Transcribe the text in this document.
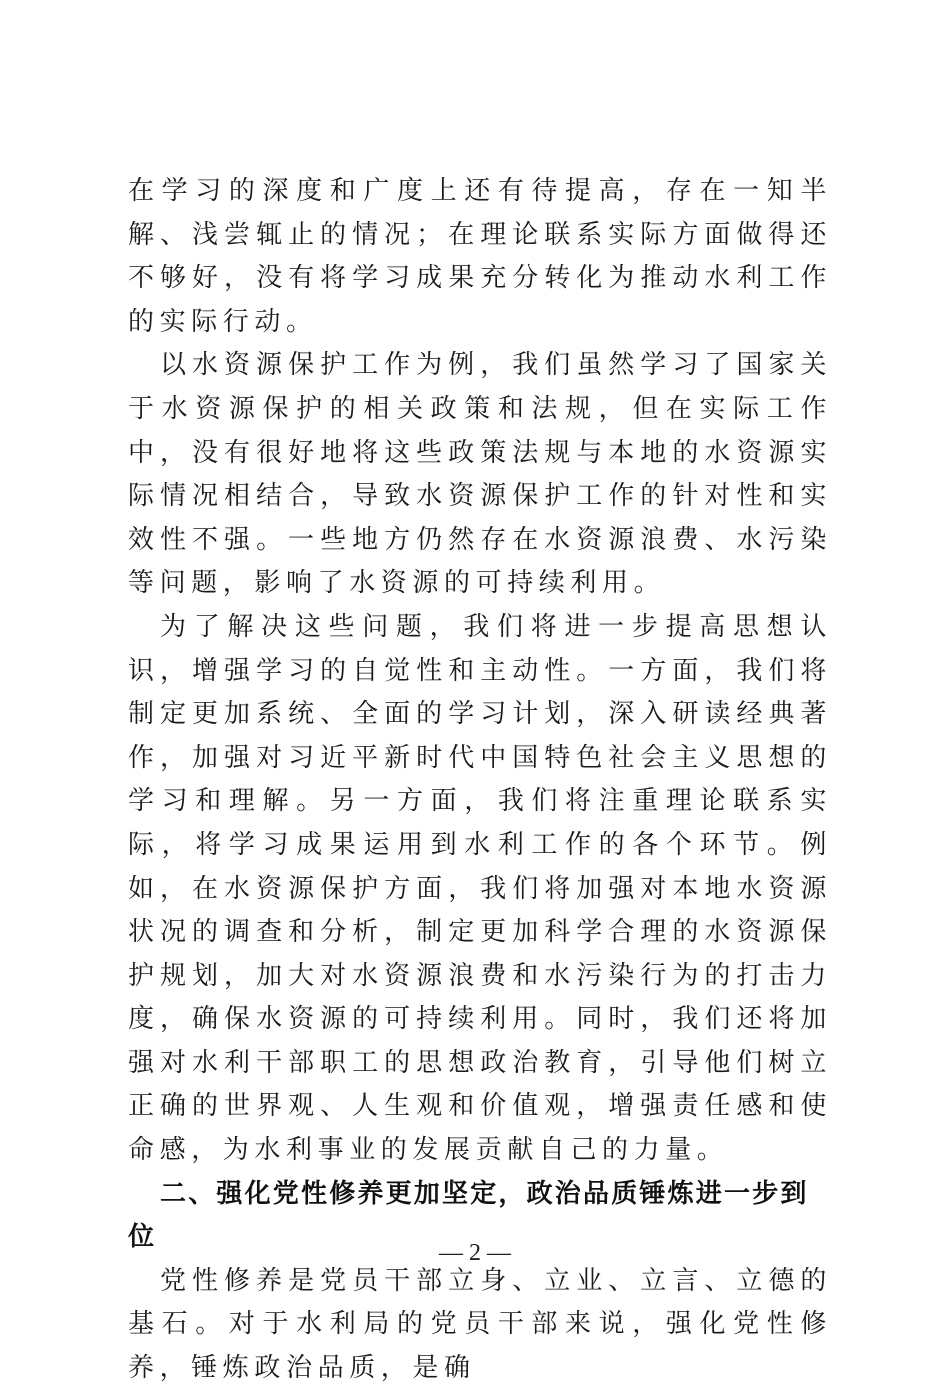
在学习的深度和广度上还有待提高，存在一知半解、浅尝辄止的情况；在理论联系实际方面做得还不够好，没有将学习成果充分转化为推动水利工作的实际行动。

以水资源保护工作为例，我们虽然学习了国家关于水资源保护的相关政策和法规，但在实际工作中，没有很好地将这些政策法规与本地的水资源实际情况相结合，导致水资源保护工作的针对性和实效性不强。一些地方仍然存在水资源浪费、水污染等问题，影响了水资源的可持续利用。

为了解决这些问题，我们将进一步提高思想认识，增强学习的自觉性和主动性。一方面，我们将制定更加系统、全面的学习计划，深入研读经典著作，加强对习近平新时代中国特色社会主义思想的学习和理解。另一方面，我们将注重理论联系实际，将学习成果运用到水利工作的各个环节。例如，在水资源保护方面，我们将加强对本地水资源状况的调查和分析，制定更加科学合理的水资源保护规划，加大对水资源浪费和水污染行为的打击力度，确保水资源的可持续利用。同时，我们还将加强对水利干部职工的思想政治教育，引导他们树立正确的世界观、人生观和价值观，增强责任感和使命感，为水利事业的发展贡献自己的力量。

二、强化党性修养更加坚定，政治品质锤炼进一步到位

党性修养是党员干部立身、立业、立言、立德的基石。对于水利局的党员干部来说，强化党性修养，锤炼政治品质，是确

— 2 —
